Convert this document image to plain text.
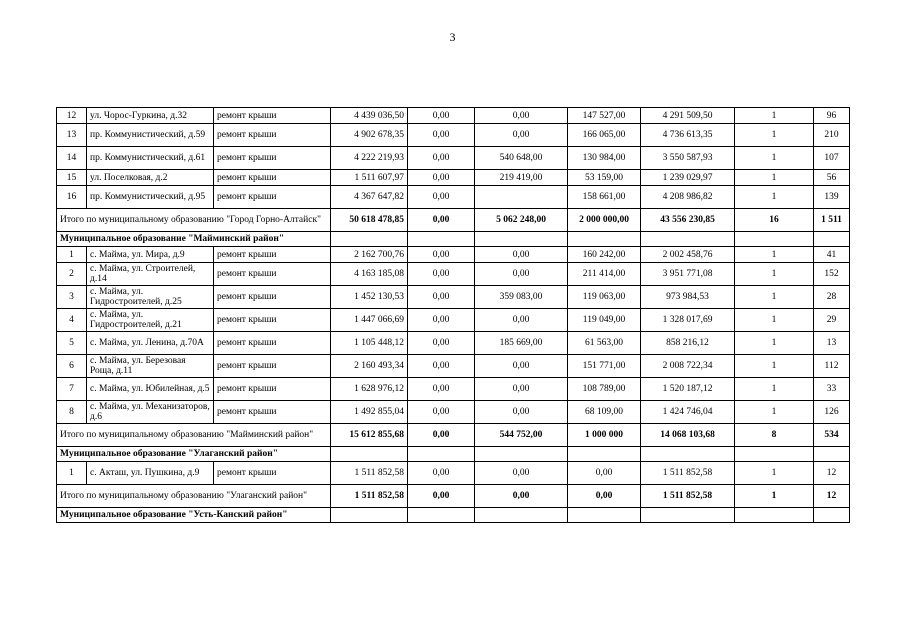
3
12	ул. Чорос-Гуркина, д.32	ремонт крыши	4 439 036,50	0,00	0,00	147 527,00	4 291 509,50	1	96
13	пр. Коммунистический, д.59	ремонт крыши	4 902 678,35	0,00	0,00	166 065,00	4 736 613,35	1	210
14	пр. Коммунистический, д.61	ремонт крыши	4 222 219,93	0,00	540 648,00	130 984,00	3 550 587,93	1	107
15	ул. Поселковая, д.2	ремонт крыши	1 511 607,97	0,00	219 419,00	53 159,00	1 239 029,97	1	56
16	пр. Коммунистический, д.95	ремонт крыши	4 367 647,82	0,00		158 661,00	4 208 986,82	1	139
Итого по муниципальному образованию "Город Горно-Алтайск"			50 618 478,85	0,00	5 062 248,00	2 000 000,00	43 556 230,85	16	1 511
Муниципальное образование "Майминский район"									
1	с. Майма, ул. Мира, д.9	ремонт крыши	2 162 700,76	0,00	0,00	160 242,00	2 002 458,76	1	41
2	с. Майма, ул. Строителей, д.14	ремонт крыши	4 163 185,08	0,00	0,00	211 414,00	3 951 771,08	1	152
3	с. Майма, ул. Гидростроителей, д.25	ремонт крыши	1 452 130,53	0,00	359 083,00	119 063,00	973 984,53	1	28
4	с. Майма, ул. Гидростроителей, д.21	ремонт крыши	1 447 066,69	0,00	0,00	119 049,00	1 328 017,69	1	29
5	с. Майма, ул. Ленина, д.70А	ремонт крыши	1 105 448,12	0,00	185 669,00	61 563,00	858 216,12	1	13
6	с. Майма, ул. Березовая Роща, д.11	ремонт крыши	2 160 493,34	0,00	0,00	151 771,00	2 008 722,34	1	112
7	с. Майма, ул. Юбилейная, д.5	ремонт крыши	1 628 976,12	0,00	0,00	108 789,00	1 520 187,12	1	33
8	с. Майма, ул. Механизаторов, д.6	ремонт крыши	1 492 855,04	0,00	0,00	68 109,00	1 424 746,04	1	126
Итого по муниципальному образованию "Майминский район"			15 612 855,68	0,00	544 752,00	1 000 000	14 068 103,68	8	534
Муниципальное образование "Улаганский район"									
1	с. Акташ, ул. Пушкина, д.9	ремонт крыши	1 511 852,58	0,00	0,00	0,00	1 511 852,58	1	12
Итого по муниципальному образованию "Улаганский район"			1 511 852,58	0,00	0,00	0,00	1 511 852,58	1	12
Муниципальное образование "Усть-Канский район"									
